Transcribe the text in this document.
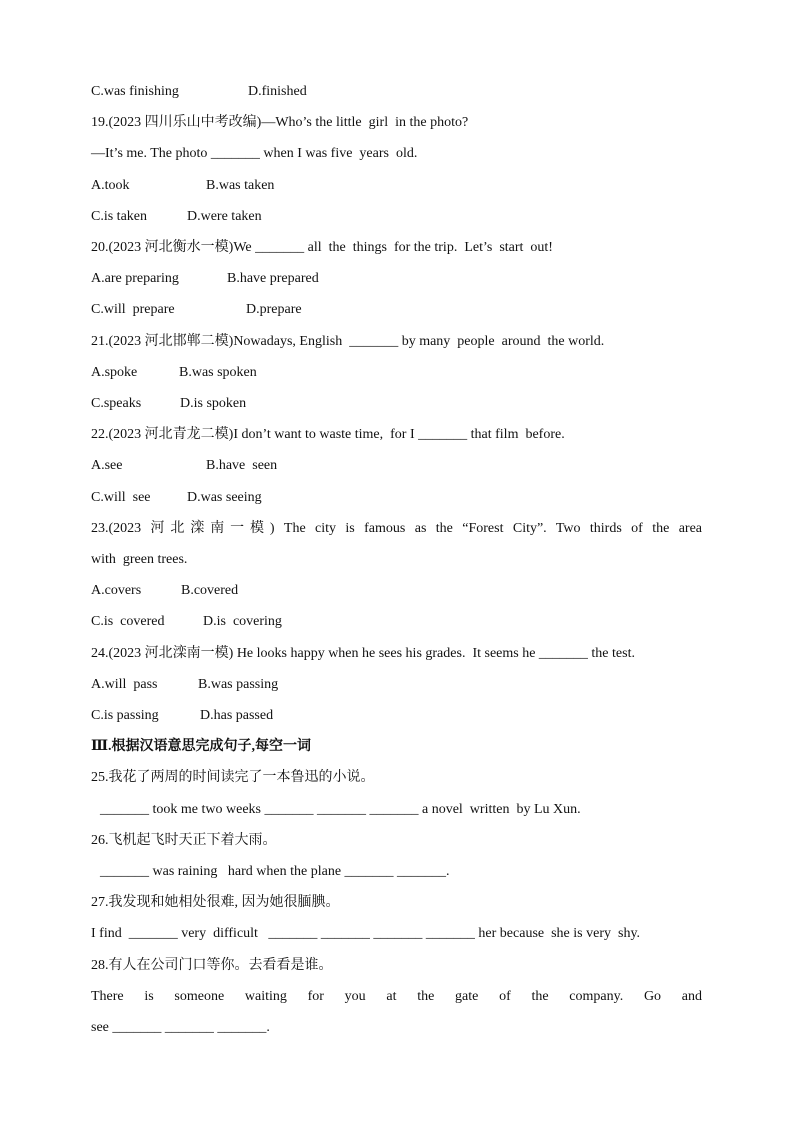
C.was finishing	D.finished
19.(2023 四川乐山中考改编)—Who’s the little  girl  in the photo?
—It’s me. The photo _______ when I was five  years  old.
A.took	B.was taken
C.is taken	D.were taken
20.(2023 河北衡水一模)We _______ all  the  things  for the trip.  Let’s  start  out!
A.are preparing	B.have prepared
C.will  prepare	D.prepare
21.(2023 河北邯郸二模)Nowadays, English  _______ by many  people  around  the world.
A.spoke	B.was spoken
C.speaks	D.is spoken
22.(2023 河北青龙二模)I don’t want to waste time,  for I _______ that film  before.
A.see	B.have  seen
C.will  see	D.was seeing
23.(2023 河北滦南一模) The city is famous as the “Forest City”. Two thirds of the area
with  green trees.
A.covers	B.covered
C.is  covered	D.is  covering
24.(2023 河北滦南一模) He looks happy when he sees his grades.  It seems he _______ the test.
A.will  pass	B.was passing
C.is passing	D.has passed
Ⅲ.根据汉语意思完成句子,每空一词
25.我花了两周的时间读完了一本鲁迅的小说。
_______ took me two weeks _______ _______ _______ a novel  written  by Lu Xun.
26.飞机起飞时天正下着大雨。
_______ was raining   hard when the plane _______ _______.
27.我发现和她相处很难, 因为她很腼腆。
I find  _______ very  difficult   _______ _______ _______ _______ her because  she is very  shy.
28.有人在公司门口等你。去看看是谁。
There is someone waiting for you at the gate of the company. Go and
see _______ _______ _______.
